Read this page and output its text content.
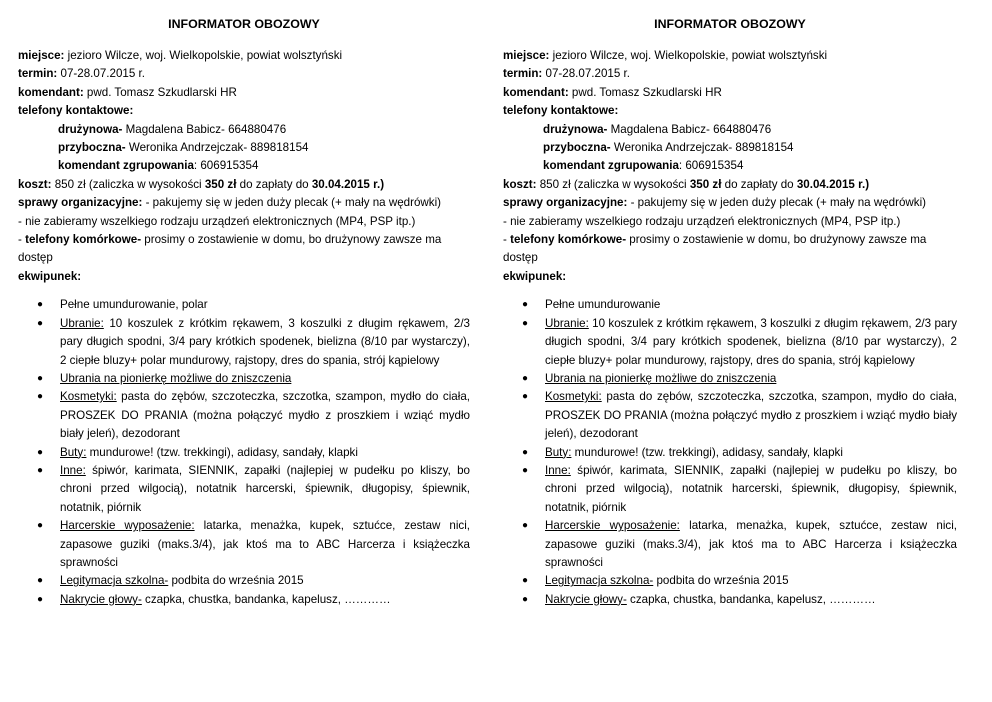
INFORMATOR OBOZOWY

miejsce: jezioro Wilcze, woj. Wielkopolskie, powiat wolsztyński

termin: 07-28.07.2015 r.

komendant: pwd. Tomasz Szkudlarski HR

telefony kontaktowe:

drużynowa- Magdalena Babicz- 664880476

przyboczna- Weronika Andrzejczak- 889818154

komendant zgrupowania: 606915354

koszt: 850 zł (zaliczka w wysokości 350 zł do zapłaty do 30.04.2015 r.)

sprawy organizacyjne: - pakujemy się w jeden duży plecak (+ mały na wędrówki)

- nie zabieramy wszelkiego rodzaju urządzeń elektronicznych (MP4, PSP itp.)

- telefony komórkowe- prosimy o zostawienie w domu, bo drużynowy zawsze ma dostęp

ekwipunek:

● Pełne umundurowanie, polar
● Ubranie: 10 koszulek z krótkim rękawem, 3 koszulki z długim rękawem, 2/3 pary długich spodni, 3/4 pary krótkich spodenek, bielizna (8/10 par wystarczy), 2 ciepłe bluzy+ polar mundurowy, rajstopy, dres do spania, strój kąpielowy
● Ubrania na pionierkę możliwe do zniszczenia
● Kosmetyki: pasta do zębów, szczoteczka, szczotka, szampon, mydło do ciała, PROSZEK DO PRANIA (można połączyć mydło z proszkiem i wziąć mydło biały jeleń), dezodorant
● Buty: mundurowe! (tzw. trekkingi), adidasy, sandały, klapki
● Inne: śpiwór, karimata, SIENNIK, zapałki (najlepiej w pudełku po kliszy, bo chroni przed wilgocią), notatnik harcerski, śpiewnik, długopisy, śpiewnik, notatnik, piórnik
● Harcerskie wyposażenie: latarka, menażka, kupek, sztućce, zestaw nici, zapasowe guziki (maks.3/4), jak ktoś ma to ABC Harcerza i książeczka sprawności
● Legitymacja szkolna- podbita do września 2015
● Nakrycie głowy- czapka, chustka, bandanka, kapelusz, …………
INFORMATOR OBOZOWY

miejsce: jezioro Wilcze, woj. Wielkopolskie, powiat wolsztyński

termin: 07-28.07.2015 r.

komendant: pwd. Tomasz Szkudlarski HR

telefony kontaktowe:

drużynowa- Magdalena Babicz- 664880476

przyboczna- Weronika Andrzejczak- 889818154

komendant zgrupowania: 606915354

koszt: 850 zł (zaliczka w wysokości 350 zł do zapłaty do 30.04.2015 r.)

sprawy organizacyjne: - pakujemy się w jeden duży plecak (+ mały na wędrówki)

- nie zabieramy wszelkiego rodzaju urządzeń elektronicznych (MP4, PSP itp.)

- telefony komórkowe- prosimy o zostawienie w domu, bo drużynowy zawsze ma dostęp

ekwipunek:

● Pełne umundurowanie
● Ubranie: 10 koszulek z krótkim rękawem, 3 koszulki z długim rękawem, 2/3 pary długich spodni, 3/4 pary krótkich spodenek, bielizna (8/10 par wystarczy), 2 ciepłe bluzy+ polar mundurowy, rajstopy, dres do spania, strój kąpielowy
● Ubrania na pionierkę możliwe do zniszczenia
● Kosmetyki: pasta do zębów, szczoteczka, szczotka, szampon, mydło do ciała, PROSZEK DO PRANIA (można połączyć mydło z proszkiem i wziąć mydło biały jeleń), dezodorant
● Buty: mundurowe! (tzw. trekkingi), adidasy, sandały, klapki
● Inne: śpiwór, karimata, SIENNIK, zapałki (najlepiej w pudełku po kliszy, bo chroni przed wilgocią), notatnik harcerski, śpiewnik, długopisy, śpiewnik, notatnik, piórnik
● Harcerskie wyposażenie: latarka, menażka, kupek, sztućce, zestaw nici, zapasowe guziki (maks.3/4), jak ktoś ma to ABC Harcerza i książeczka sprawności
● Legitymacja szkolna- podbita do września 2015
● Nakrycie głowy- czapka, chustka, bandanka, kapelusz, …………
